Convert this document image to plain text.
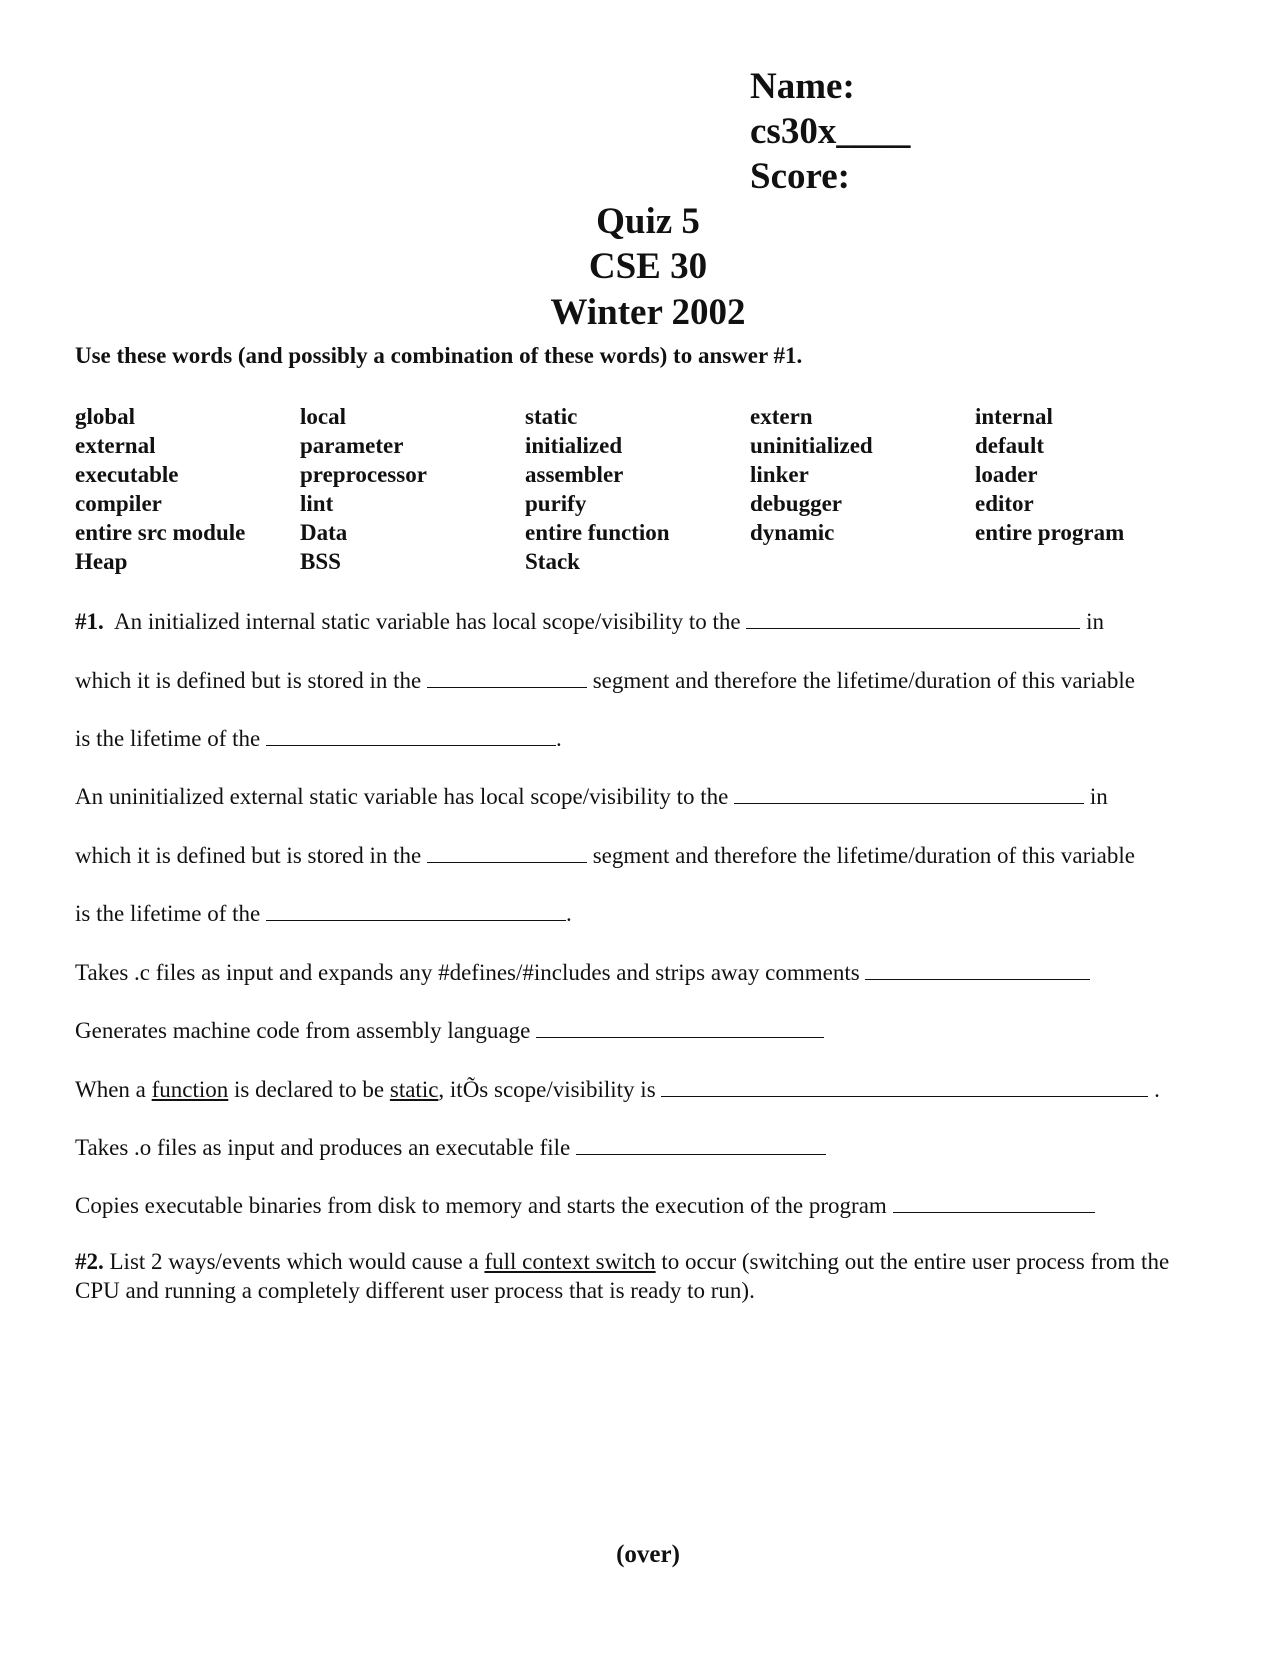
Name:
cs30x____
Score:
Quiz 5
CSE 30
Winter 2002
Use these words (and possibly a combination of these words) to answer #1.
global	local	static	extern	internal
external	parameter	initialized	uninitialized	default
executable	preprocessor	assembler	linker	loader
compiler	lint	purify	debugger	editor
entire src module	Data	entire function	dynamic	entire program
Heap	BSS	Stack
#1. An initialized internal static variable has local scope/visibility to the	in
which it is defined but is stored in the	segment and therefore the lifetime/duration of this variable
is the lifetime of the	.
An uninitialized external static variable has local scope/visibility to the	in
which it is defined but is stored in the	segment and therefore the lifetime/duration of this variable
is the lifetime of the	.
Takes .c files as input and expands any #defines/#includes and strips away comments
Generates machine code from assembly language
When a function is declared to be static, itÕs scope/visibility is	.
Takes .o files as input and produces an executable file
Copies executable binaries from disk to memory and starts the execution of the program
#2. List 2 ways/events which would cause a full context switch to occur (switching out the entire user process from the CPU and running a completely different user process that is ready to run).
(over)
